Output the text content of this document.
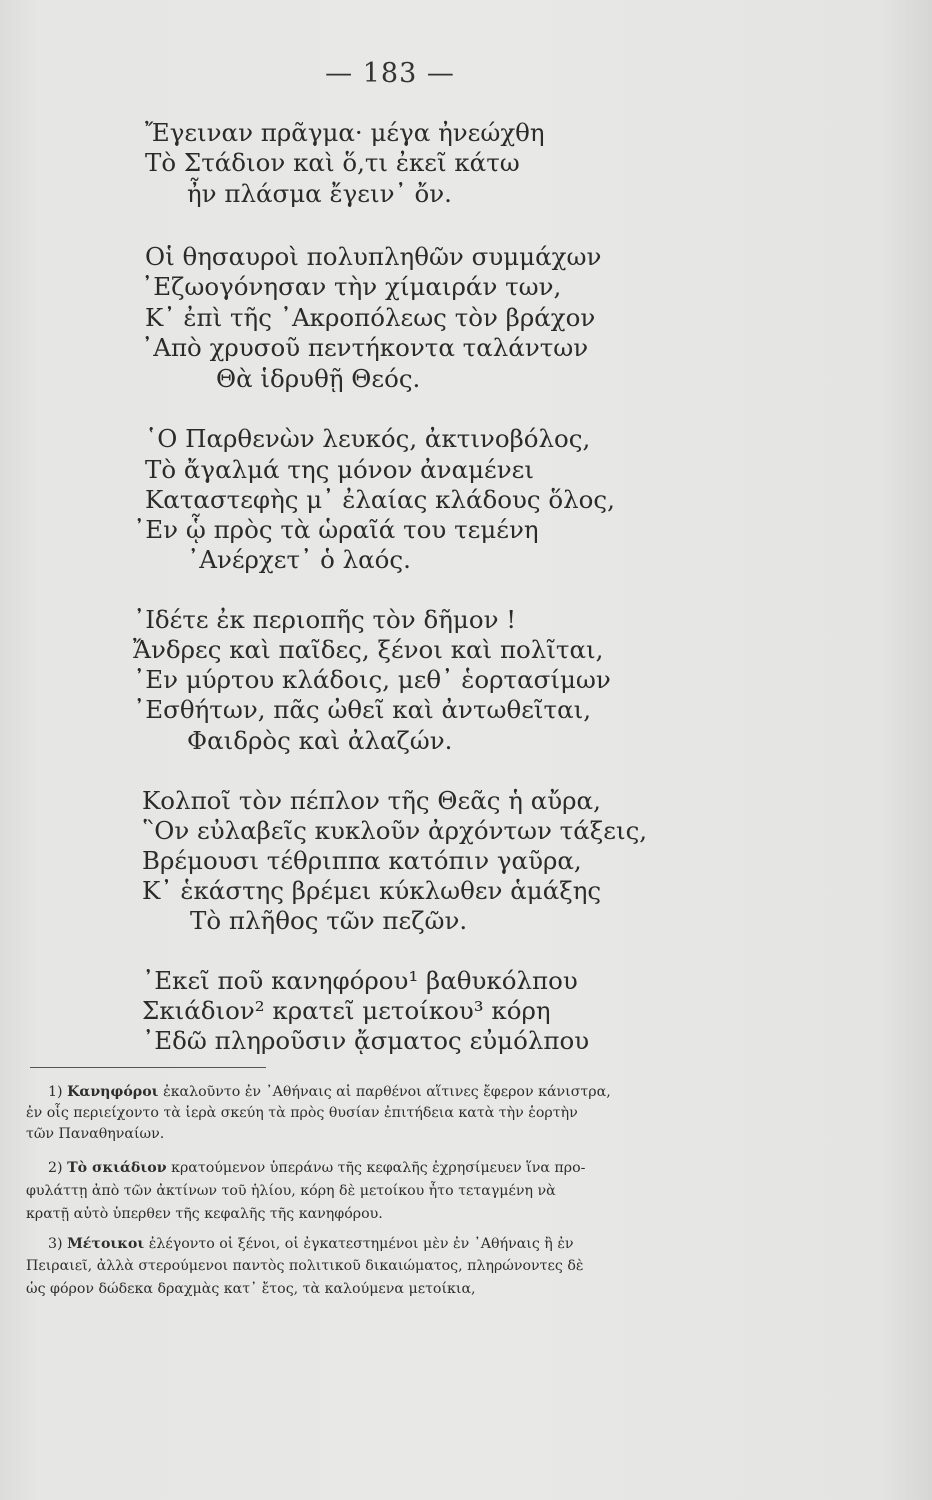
— 183 —
Ἔγειναν πρᾶγμα· μέγα ἠνεώχθη
Τὸ Στάδιον καὶ ὅ,τι ἐκεῖ κάτω
ἦν πλάσμα ἔγειν᾽ ὄν.
Οἱ θησαυροὶ πολυπληθῶν συμμάχων
᾽Εζωογόνησαν τὴν χίμαιράν των,
Κ᾽ ἐπὶ τῆς ᾽Ακροπόλεως τὸν βράχον
᾽Απὸ χρυσοῦ πεντήκοντα ταλάντων
Θὰ ἱδρυθῇ Θεός.
῾Ο Παρθενὼν λευκός, ἀκτινοβόλος,
Τὸ ἄγαλμά της μόνον ἀναμένει
Καταστεφὴς μ᾽ ἐλαίας κλάδους ὅλος,
᾽Εν ᾧ πρὸς τὰ ὡραῖά του τεμένη
᾽Ανέρχετ᾽ ὁ λαός.
᾽Ιδέτε ἐκ περιοπῆς τὸν δῆμον !
Ἄνδρες καὶ παῖδες, ξένοι καὶ πολῖται,
᾽Εν μύρτου κλάδοις, μεθ᾽ ἑορτασίμων
᾽Εσθήτων, πᾶς ὠθεῖ καὶ ἀντωθεῖται,
Φαιδρὸς καὶ ἀλαζών.
Κολποῖ τὸν πέπλον τῆς Θεᾶς ἡ αὔρα,
῝Ον εὐλαβεῖς κυκλοῦν ἀρχόντων τάξεις,
Βρέμουσι τέθριππα κατόπιν γαῦρα,
Κ᾽ ἑκάστης βρέμει κύκλωθεν ἁμάξης
Τὸ πλῆθος τῶν πεζῶν.
᾽Εκεῖ ποῦ κανηφόρου¹ βαθυκόλπου
Σκιάδιον² κρατεῖ μετοίκου³ κόρη
᾽Εδῶ πληροῦσιν ᾄσματος εὐμόλπου
1) Κανηφόροι ἐκαλοῦντο ἐν ᾽Αθήναις αἱ παρθένοι αἵτινες ἔφερον κάνιστρα,
ἐν οἷς περιείχοντο τὰ ἱερὰ σκεύη τὰ πρὸς θυσίαν ἐπιτήδεια κατὰ τὴν ἑορτὴν
τῶν Παναθηναίων.
2) Τὸ σκιάδιον κρατούμενον ὑπεράνω τῆς κεφαλῆς ἐχρησίμευεν ἵνα προ-
φυλάττῃ ἀπὸ τῶν ἀκτίνων τοῦ ἡλίου, κόρη δὲ μετοίκου ἦτο τεταγμένη νὰ
κρατῇ αὐτὸ ὑπερθεν τῆς κεφαλῆς τῆς κανηφόρου.
3) Μέτοικοι ἐλέγοντο οἱ ξένοι, οἱ ἐγκατεστημένοι μὲν ἐν ᾽Αθήναις ἢ ἐν
Πειραιεῖ, ἀλλὰ στερούμενοι παντὸς πολιτικοῦ δικαιώματος, πληρώνοντες δὲ
ὡς φόρον δώδεκα δραχμὰς κατ᾽ ἔτος, τὰ καλούμενα μετοίκια,
